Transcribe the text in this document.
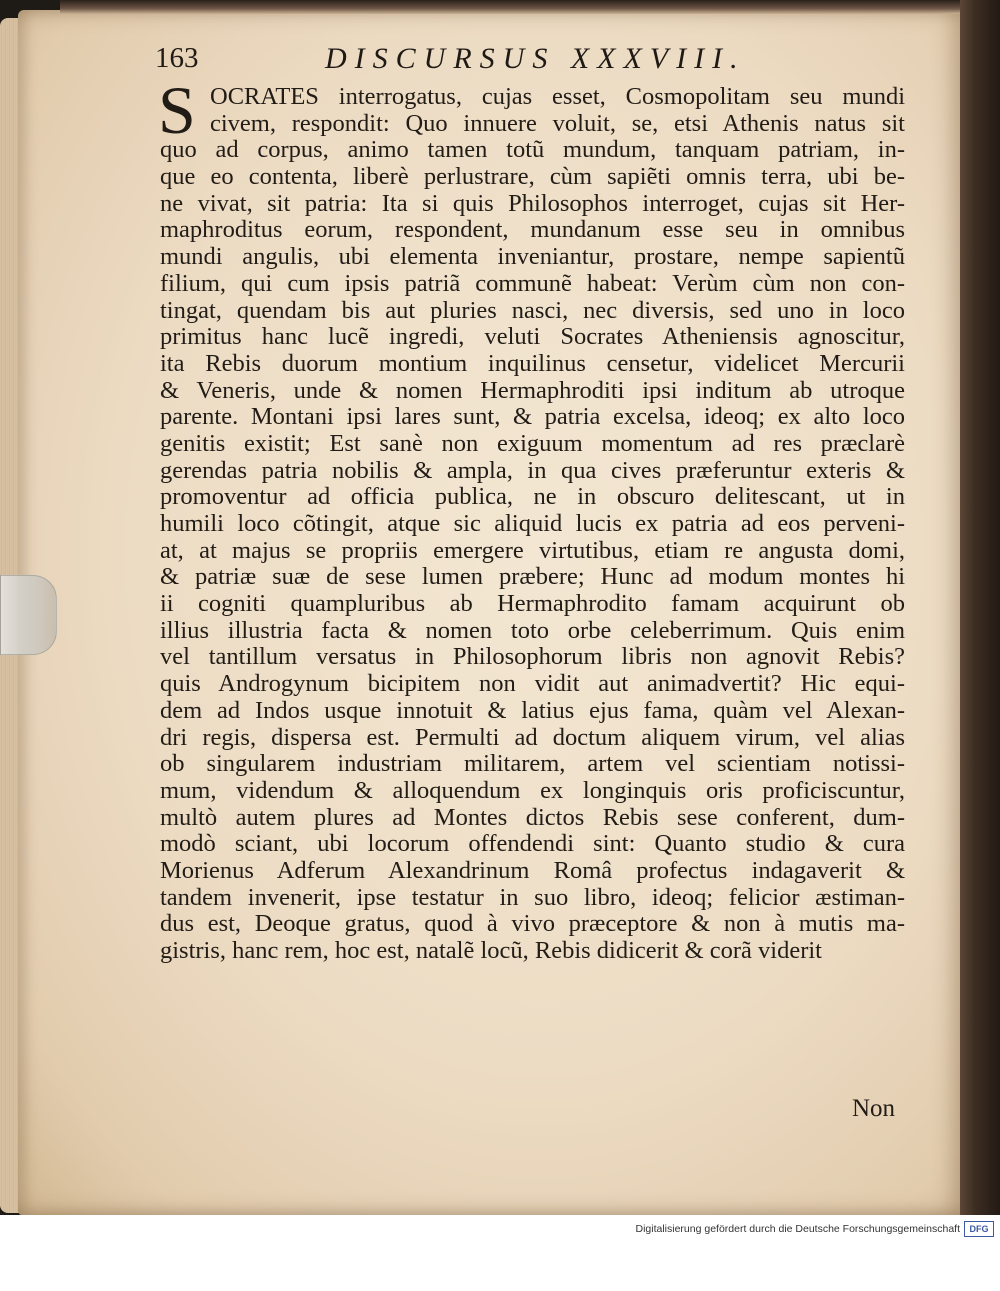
163	DISCURSUS XXXVIII.
S OCRATES interrogatus, cujas esset, Cosmopolitam seu mundi
civem, respondit: Quo innuere voluit, se, etsi Athenis natus sit
quo ad corpus, animo tamen totũ mundum, tanquam patriam, in-
que eo contenta, liberè perlustrare, cùm sapiẽti omnis terra, ubi be-
ne vivat, sit patria: Ita si quis Philosophos interroget, cujas sit Her-
maphroditus eorum, respondent, mundanum esse seu in omnibus
mundi angulis, ubi elementa inveniantur, prostare, nempe sapientũ
filium, qui cum ipsis patriã communẽ habeat: Verùm cùm non con-
tingat, quendam bis aut pluries nasci, nec diversis, sed uno in loco
primitus hanc lucẽ ingredi, veluti Socrates Atheniensis agnoscitur,
ita Rebis duorum montium inquilinus censetur, videlicet Mercurii
& Veneris, unde & nomen Hermaphroditi ipsi inditum ab utroque
parente. Montani ipsi lares sunt, & patria excelsa, ideoq; ex alto loco
genitis existit; Est sanè non exiguum momentum ad res præclarè
gerendas patria nobilis & ampla, in qua cives præferuntur exteris &
promoventur ad officia publica, ne in obscuro delitescant, ut in
humili loco cõtingit, atque sic aliquid lucis ex patria ad eos perveni-
at, at majus se propriis emergere virtutibus, etiam re angusta domi,
& patriæ suæ de sese lumen præbere; Hunc ad modum montes hi
ii cogniti quampluribus ab Hermaphrodito famam acquirunt ob
illius illustria facta & nomen toto orbe celeberrimum. Quis enim
vel tantillum versatus in Philosophorum libris non agnovit Rebis?
quis Androgynum bicipitem non vidit aut animadvertit? Hic equi-
dem ad Indos usque innotuit & latius ejus fama, quàm vel Alexan-
dri regis, dispersa est. Permulti ad doctum aliquem virum, vel alias
ob singularem industriam militarem, artem vel scientiam notissi-
mum, videndum & alloquendum ex longinquis oris proficiscuntur,
multò autem plures ad Montes dictos Rebis sese conferent, dum-
modò sciant, ubi locorum offendendi sint: Quanto studio & cura
Morienus Adferum Alexandrinum Româ profectus indagaverit &
tandem invenerit, ipse testatur in suo libro, ideoq; felicior æstiman-
dus est, Deoque gratus, quod à vivo præceptore & non à mutis ma-
gistris, hanc rem, hoc est, natalẽ locũ, Rebis didicerit & corã viderit
Non
Digitalisierung gefördert durch die Deutsche Forschungsgemeinschaft	DFG
